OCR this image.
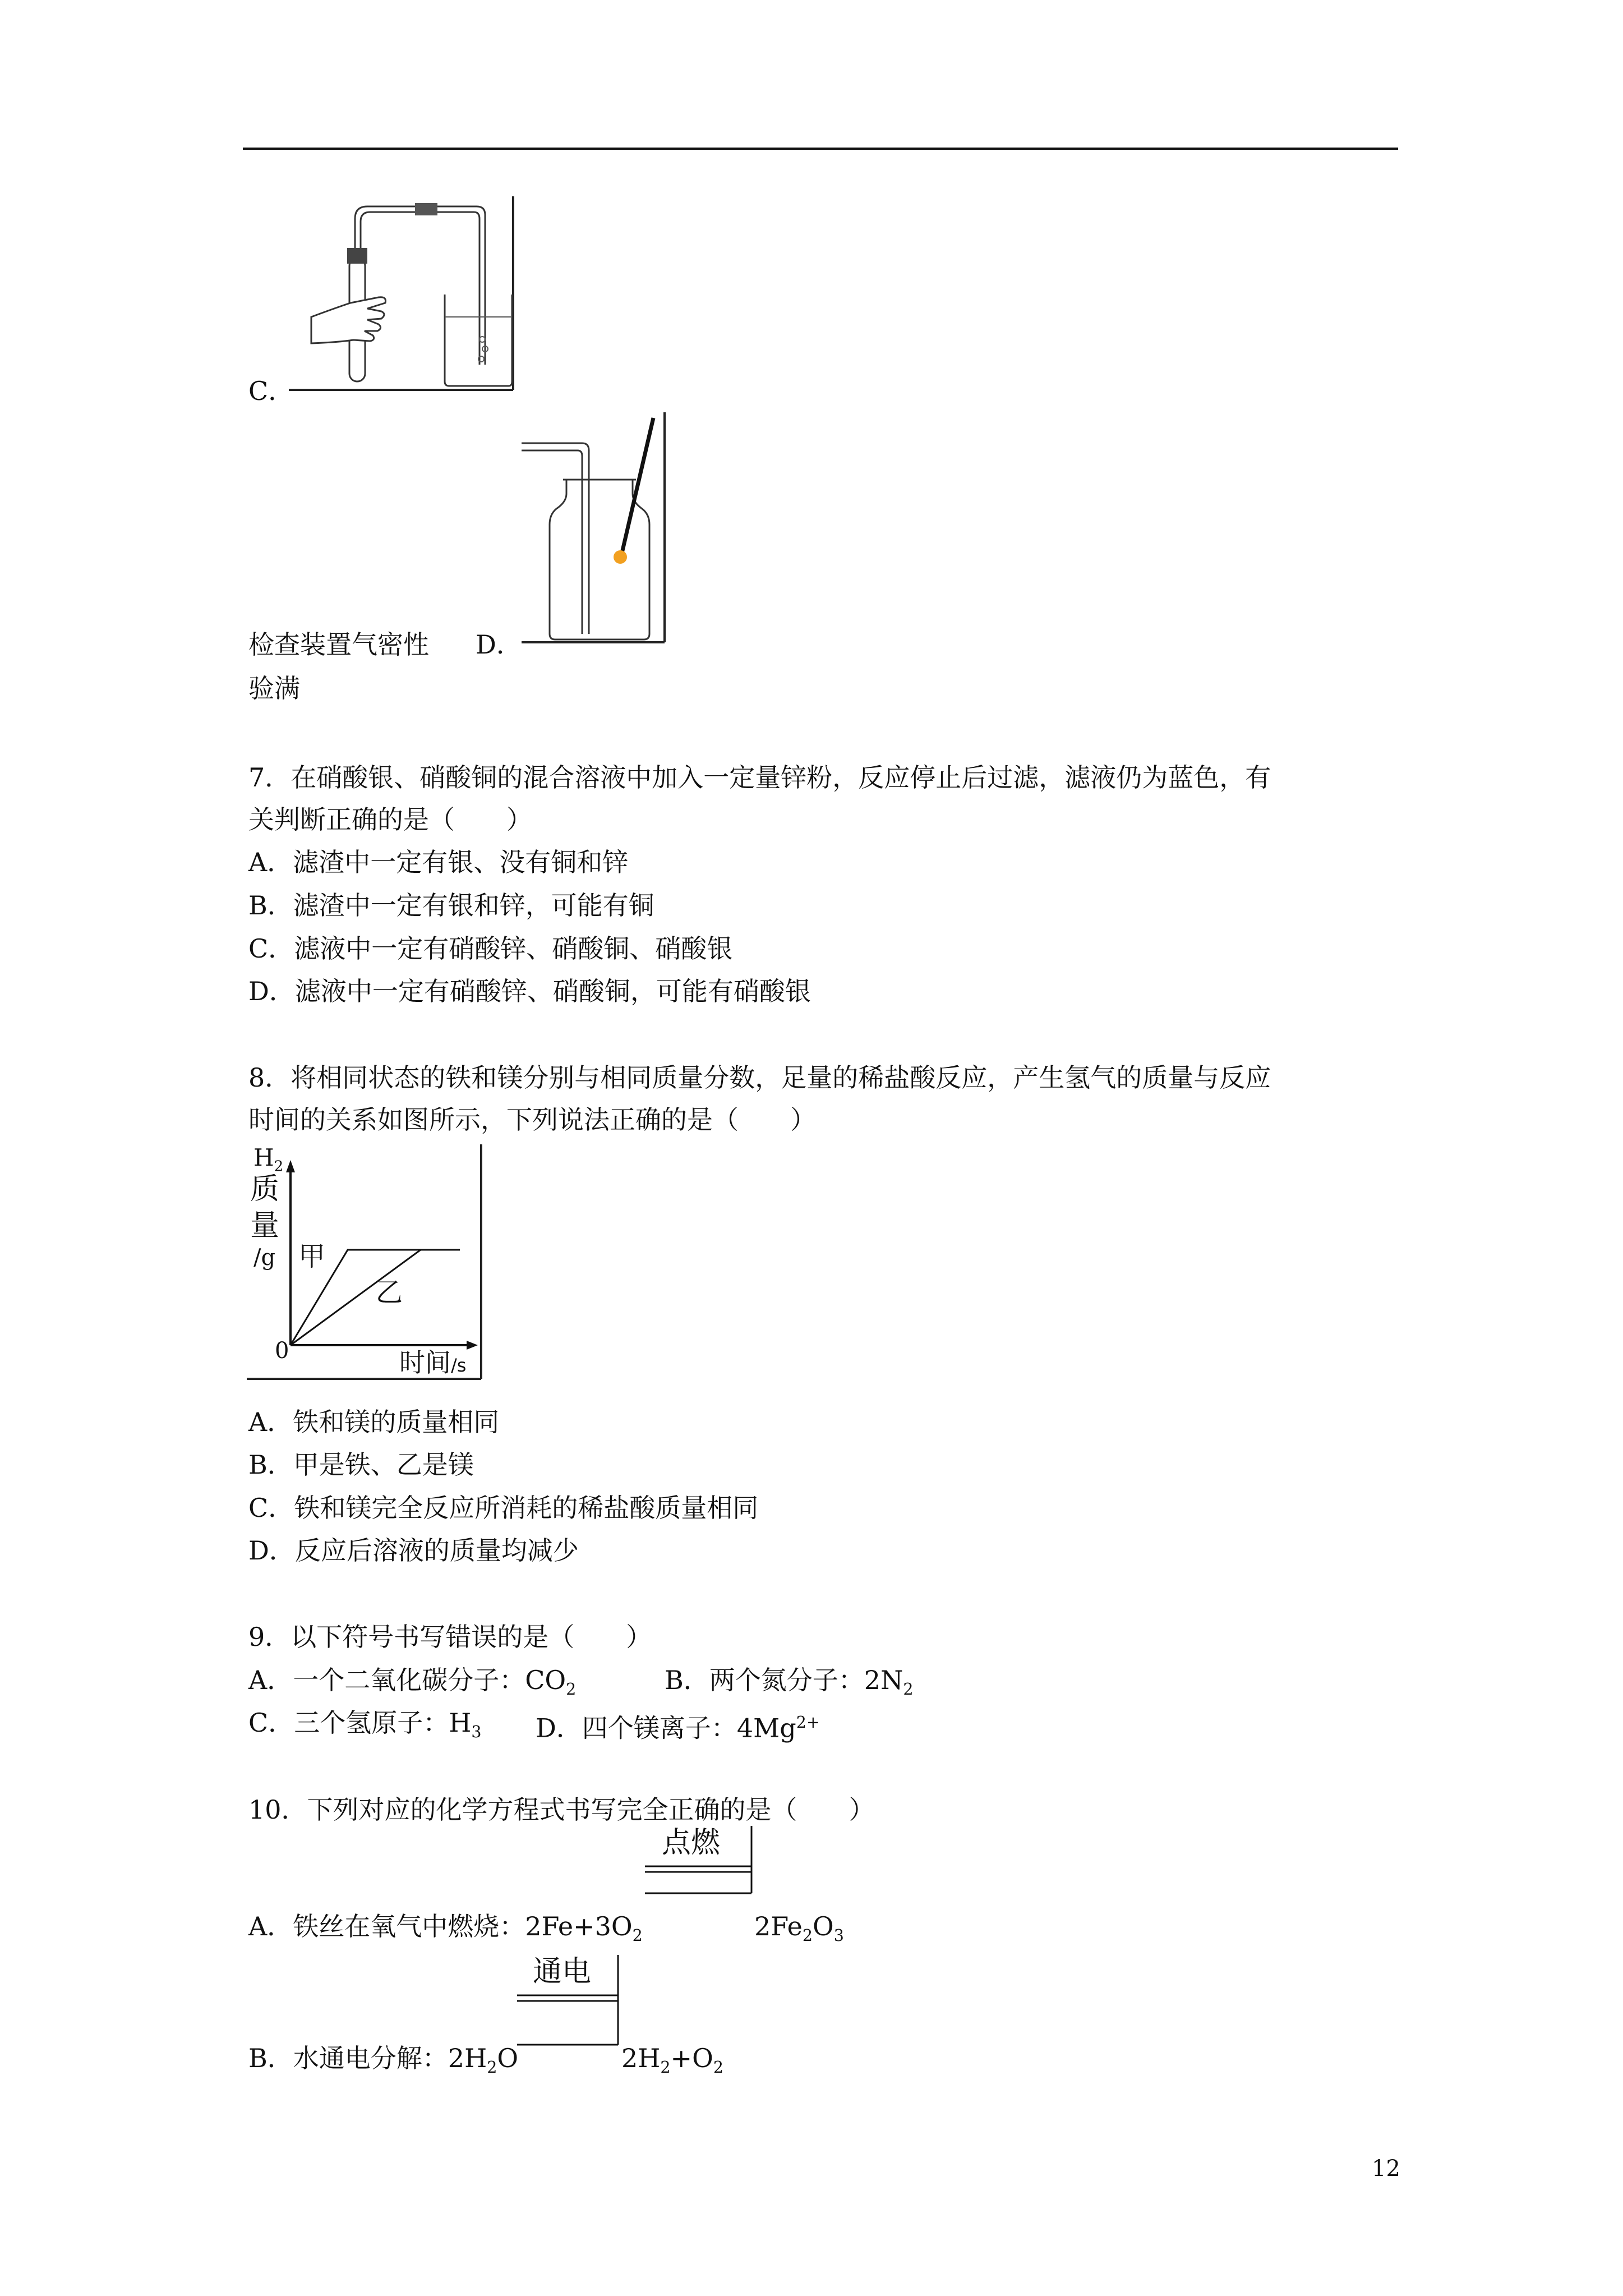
C．
检查装置气密性 D．
验满
7．在硝酸银、硝酸铜的混合溶液中加入一定量锌粉，反应停止后过滤，滤液仍为蓝色，有
关判断正确的是（　　）
A．滤渣中一定有银、没有铜和锌
B．滤渣中一定有银和锌，可能有铜
C．滤液中一定有硝酸锌、硝酸铜、硝酸银
D．滤液中一定有硝酸锌、硝酸铜，可能有硝酸银
8．将相同状态的铁和镁分别与相同质量分数，足量的稀盐酸反应，产生氢气的质量与反应
时间的关系如图所示，下列说法正确的是（　　）
$H_2$
质
量
/g
0
甲
乙
时间/s
A．铁和镁的质量相同
B．甲是铁、乙是镁
C．铁和镁完全反应所消耗的稀盐酸质量相同
D．反应后溶液的质量均减少
9．以下符号书写错误的是（　　）
A．一个二氧化碳分子：$CO_2$	B．两个氮分子：$2N_2$
C．三个氢原子：$H_3$ D．四个镁离子：$4Mg^{2+}$
10．下列对应的化学方程式书写完全正确的是（　　）
点燃
A．铁丝在氧气中燃烧：$2Fe+3O_2$	$2Fe_2O_3$
通电
B．水通电分解：$2H_2O$	$2H_2+O_2$
12
